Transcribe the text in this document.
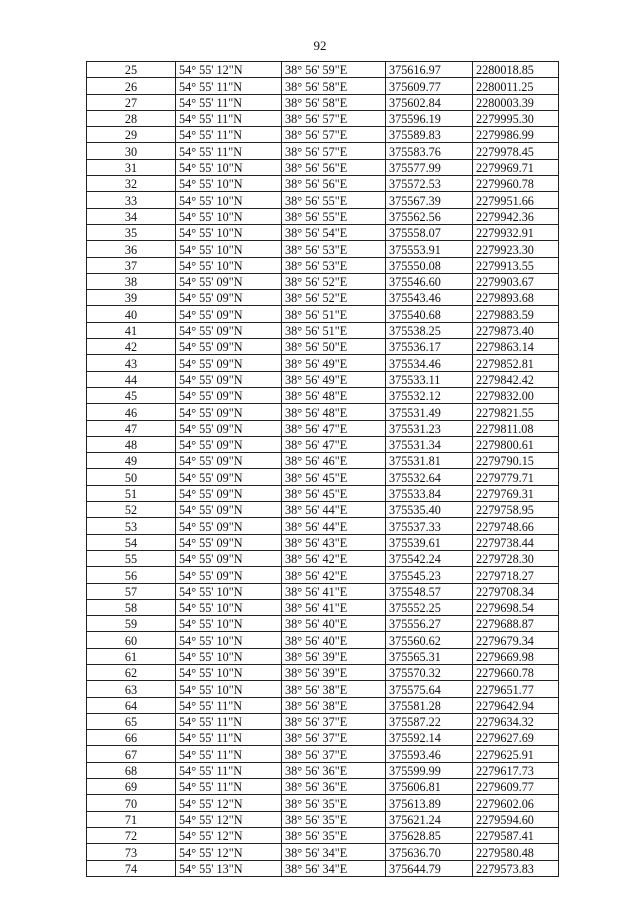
92
25	54° 55' 12"N	38° 56' 59"E	375616.97	2280018.85
26	54° 55' 11"N	38° 56' 58"E	375609.77	2280011.25
27	54° 55' 11"N	38° 56' 58"E	375602.84	2280003.39
28	54° 55' 11"N	38° 56' 57"E	375596.19	2279995.30
29	54° 55' 11"N	38° 56' 57"E	375589.83	2279986.99
30	54° 55' 11"N	38° 56' 57"E	375583.76	2279978.45
31	54° 55' 10"N	38° 56' 56"E	375577.99	2279969.71
32	54° 55' 10"N	38° 56' 56"E	375572.53	2279960.78
33	54° 55' 10"N	38° 56' 55"E	375567.39	2279951.66
34	54° 55' 10"N	38° 56' 55"E	375562.56	2279942.36
35	54° 55' 10"N	38° 56' 54"E	375558.07	2279932.91
36	54° 55' 10"N	38° 56' 53"E	375553.91	2279923.30
37	54° 55' 10"N	38° 56' 53"E	375550.08	2279913.55
38	54° 55' 09"N	38° 56' 52"E	375546.60	2279903.67
39	54° 55' 09"N	38° 56' 52"E	375543.46	2279893.68
40	54° 55' 09"N	38° 56' 51"E	375540.68	2279883.59
41	54° 55' 09"N	38° 56' 51"E	375538.25	2279873.40
42	54° 55' 09"N	38° 56' 50"E	375536.17	2279863.14
43	54° 55' 09"N	38° 56' 49"E	375534.46	2279852.81
44	54° 55' 09"N	38° 56' 49"E	375533.11	2279842.42
45	54° 55' 09"N	38° 56' 48"E	375532.12	2279832.00
46	54° 55' 09"N	38° 56' 48"E	375531.49	2279821.55
47	54° 55' 09"N	38° 56' 47"E	375531.23	2279811.08
48	54° 55' 09"N	38° 56' 47"E	375531.34	2279800.61
49	54° 55' 09"N	38° 56' 46"E	375531.81	2279790.15
50	54° 55' 09"N	38° 56' 45"E	375532.64	2279779.71
51	54° 55' 09"N	38° 56' 45"E	375533.84	2279769.31
52	54° 55' 09"N	38° 56' 44"E	375535.40	2279758.95
53	54° 55' 09"N	38° 56' 44"E	375537.33	2279748.66
54	54° 55' 09"N	38° 56' 43"E	375539.61	2279738.44
55	54° 55' 09"N	38° 56' 42"E	375542.24	2279728.30
56	54° 55' 09"N	38° 56' 42"E	375545.23	2279718.27
57	54° 55' 10"N	38° 56' 41"E	375548.57	2279708.34
58	54° 55' 10"N	38° 56' 41"E	375552.25	2279698.54
59	54° 55' 10"N	38° 56' 40"E	375556.27	2279688.87
60	54° 55' 10"N	38° 56' 40"E	375560.62	2279679.34
61	54° 55' 10"N	38° 56' 39"E	375565.31	2279669.98
62	54° 55' 10"N	38° 56' 39"E	375570.32	2279660.78
63	54° 55' 10"N	38° 56' 38"E	375575.64	2279651.77
64	54° 55' 11"N	38° 56' 38"E	375581.28	2279642.94
65	54° 55' 11"N	38° 56' 37"E	375587.22	2279634.32
66	54° 55' 11"N	38° 56' 37"E	375592.14	2279627.69
67	54° 55' 11"N	38° 56' 37"E	375593.46	2279625.91
68	54° 55' 11"N	38° 56' 36"E	375599.99	2279617.73
69	54° 55' 11"N	38° 56' 36"E	375606.81	2279609.77
70	54° 55' 12"N	38° 56' 35"E	375613.89	2279602.06
71	54° 55' 12"N	38° 56' 35"E	375621.24	2279594.60
72	54° 55' 12"N	38° 56' 35"E	375628.85	2279587.41
73	54° 55' 12"N	38° 56' 34"E	375636.70	2279580.48
74	54° 55' 13"N	38° 56' 34"E	375644.79	2279573.83
